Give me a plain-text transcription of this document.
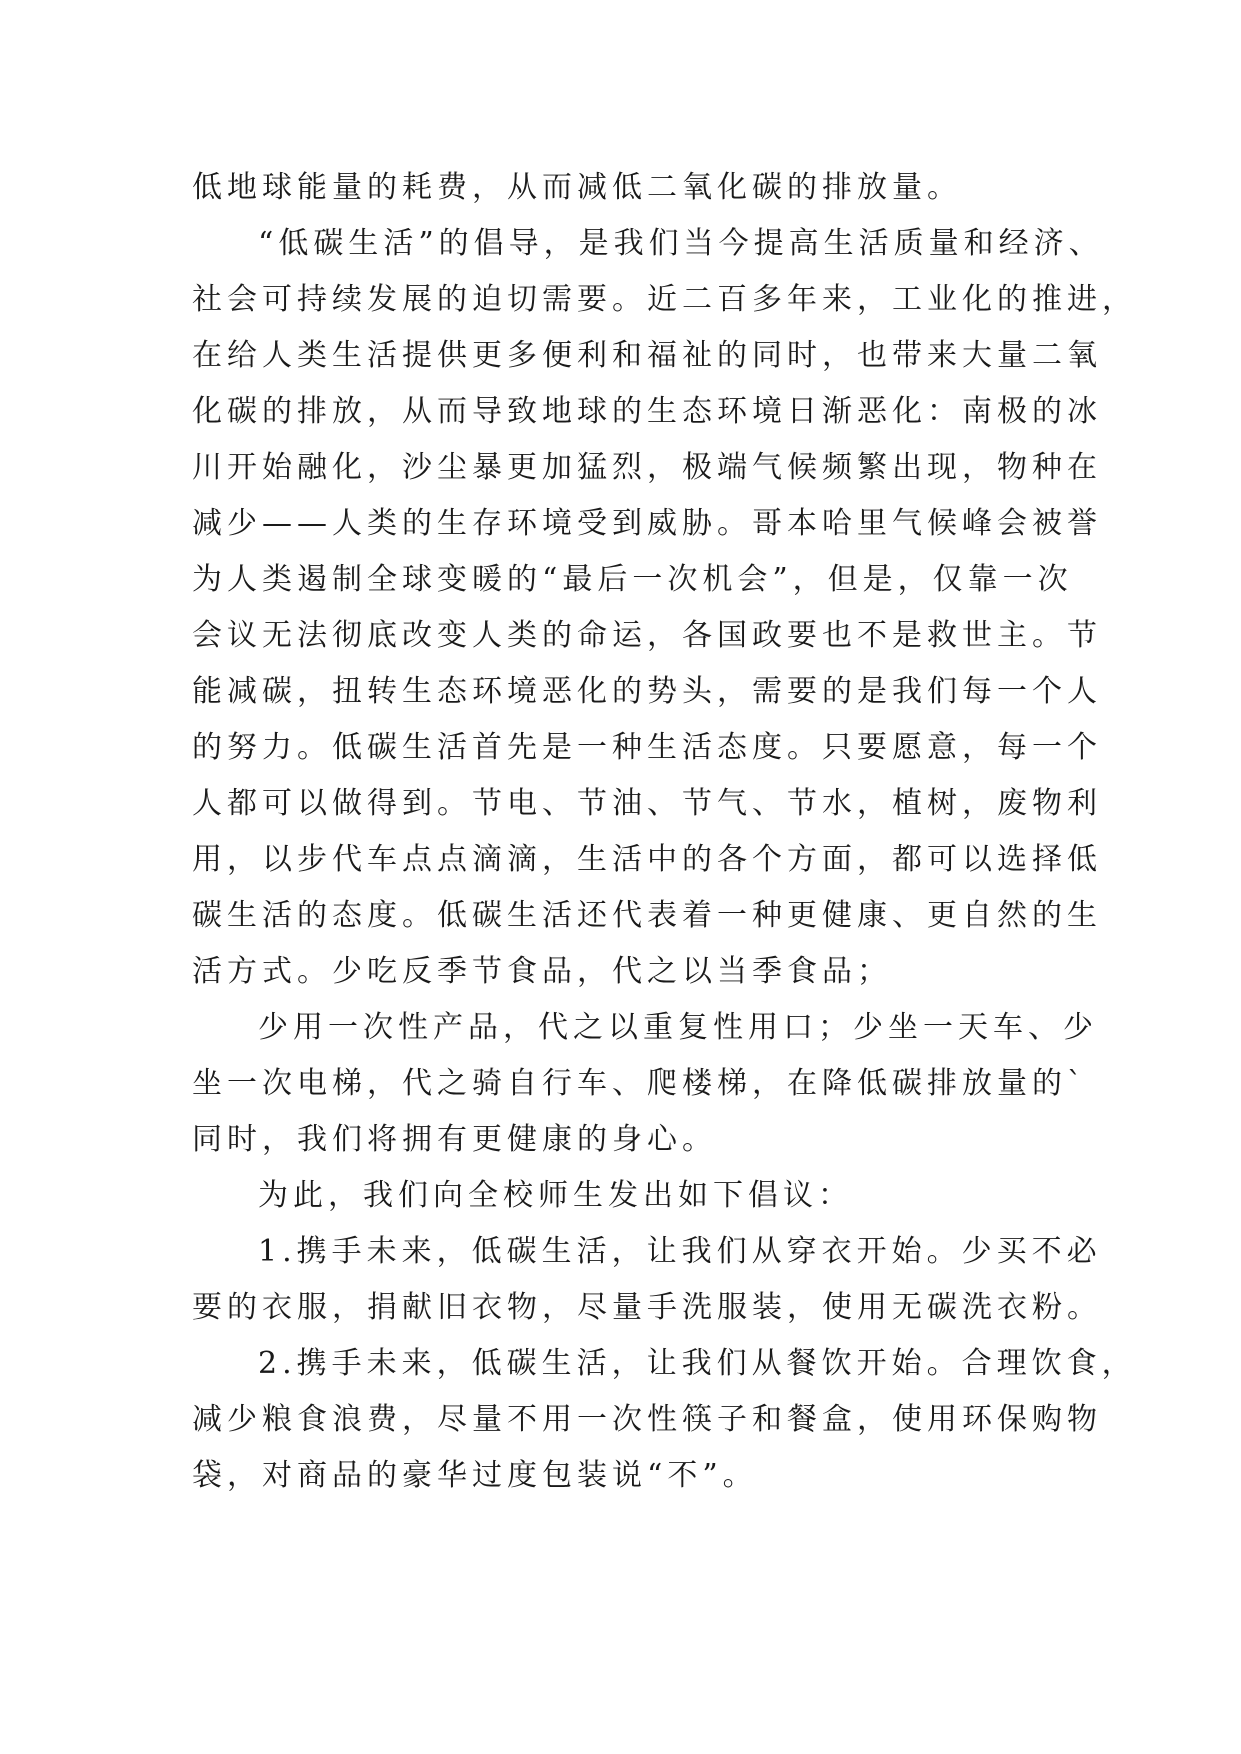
低地球能量的耗费，从而减低二氧化碳的排放量。
“低碳生活”的倡导，是我们当今提高生活质量和经济、
社会可持续发展的迫切需要。近二百多年来，工业化的推进，
在给人类生活提供更多便利和福祉的同时，也带来大量二氧
化碳的排放，从而导致地球的生态环境日渐恶化：南极的冰
川开始融化，沙尘暴更加猛烈，极端气候频繁出现，物种在
减少——人类的生存环境受到威胁。哥本哈里气候峰会被誉
为人类遏制全球变暖的“最后一次机会”，但是，仅靠一次
会议无法彻底改变人类的命运，各国政要也不是救世主。节
能减碳，扭转生态环境恶化的势头，需要的是我们每一个人
的努力。低碳生活首先是一种生活态度。只要愿意，每一个
人都可以做得到。节电、节油、节气、节水，植树，废物利
用，以步代车点点滴滴，生活中的各个方面，都可以选择低
碳生活的态度。低碳生活还代表着一种更健康、更自然的生
活方式。少吃反季节食品，代之以当季食品；
少用一次性产品，代之以重复性用口；少坐一天车、少
坐一次电梯，代之骑自行车、爬楼梯，在降低碳排放量的`
同时，我们将拥有更健康的身心。
为此，我们向全校师生发出如下倡议：
1.携手未来，低碳生活，让我们从穿衣开始。少买不必
要的衣服，捐献旧衣物，尽量手洗服装，使用无碳洗衣粉。
2.携手未来，低碳生活，让我们从餐饮开始。合理饮食，
减少粮食浪费，尽量不用一次性筷子和餐盒，使用环保购物
袋，对商品的豪华过度包装说“不”。
